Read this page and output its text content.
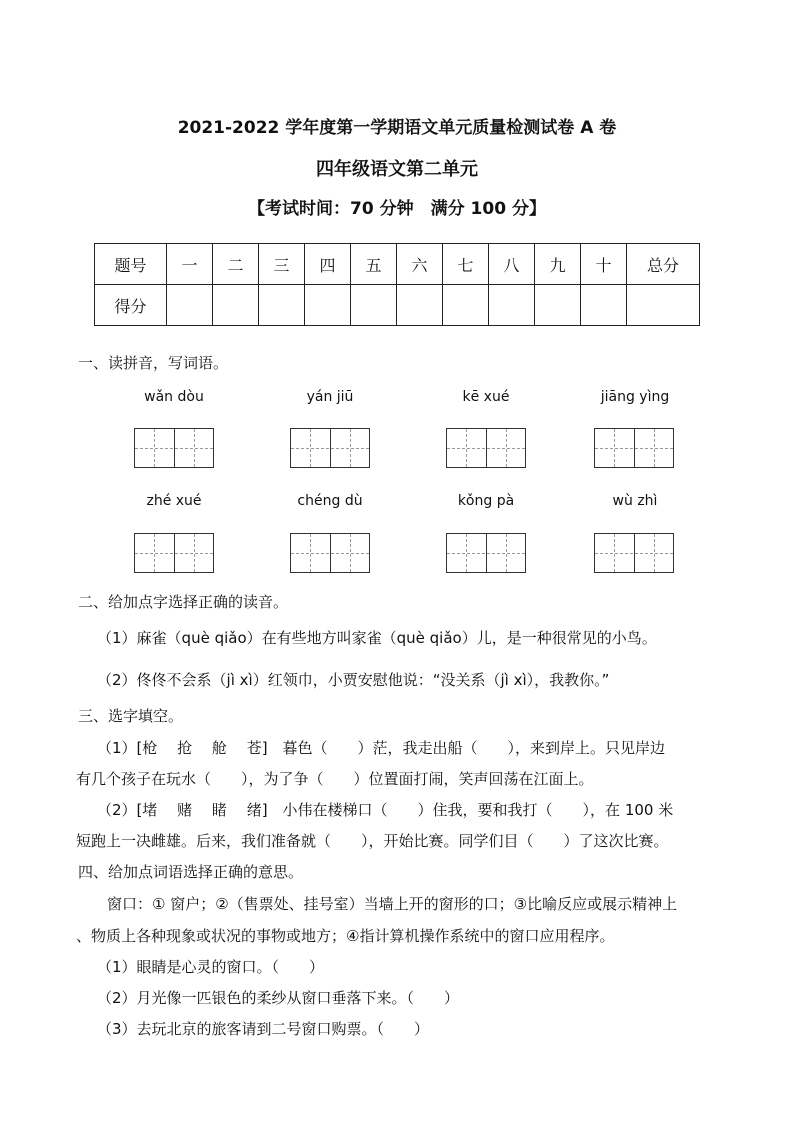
2021-2022 学年度第一学期语文单元质量检测试卷 A 卷
四年级语文第二单元
【考试时间：70 分钟　满分 100 分】
题号	一	二	三	四	五	六	七	八	九	十	总分
得分											
一、读拼音，写词语。
wǎn dòu	yán jiū	kē xué	jiāng yìng
zhé xué	chéng dù	kǒng pà	wù zhì
二、给加点字选择正确的读音。
（1）麻雀（què qiǎo）在有些地方叫家雀（què qiǎo）儿，是一种很常见的小鸟。
（2）佟佟不会系（jì xì）红领巾，小贾安慰他说：“没关系（jì xì），我教你。”
三、选字填空。
（1）[枪　 抢　 舱　 苍]　暮色（　　）茫，我走出船（　　），来到岸上。只见岸边
有几个孩子在玩水（　　），为了争（　　）位置面打闹，笑声回荡在江面上。
（2）[堵　 赌　 睹　 绪]　小伟在楼梯口（　　）住我，要和我打（　　），在 100 米
短跑上一决雌雄。后来，我们准备就（　　），开始比赛。同学们目（　　）了这次比赛。
四、给加点词语选择正确的意思。
窗口：① 窗户；②（售票处、挂号室）当墙上开的窗形的口；③比喻反应或展示精神上
、物质上各种现象或状况的事物或地方；④指计算机操作系统中的窗口应用程序。
（1）眼睛是心灵的窗口。（　　）
（2）月光像一匹银色的柔纱从窗口垂落下来。（　　）
（3）去玩北京的旅客请到二号窗口购票。（　　）
